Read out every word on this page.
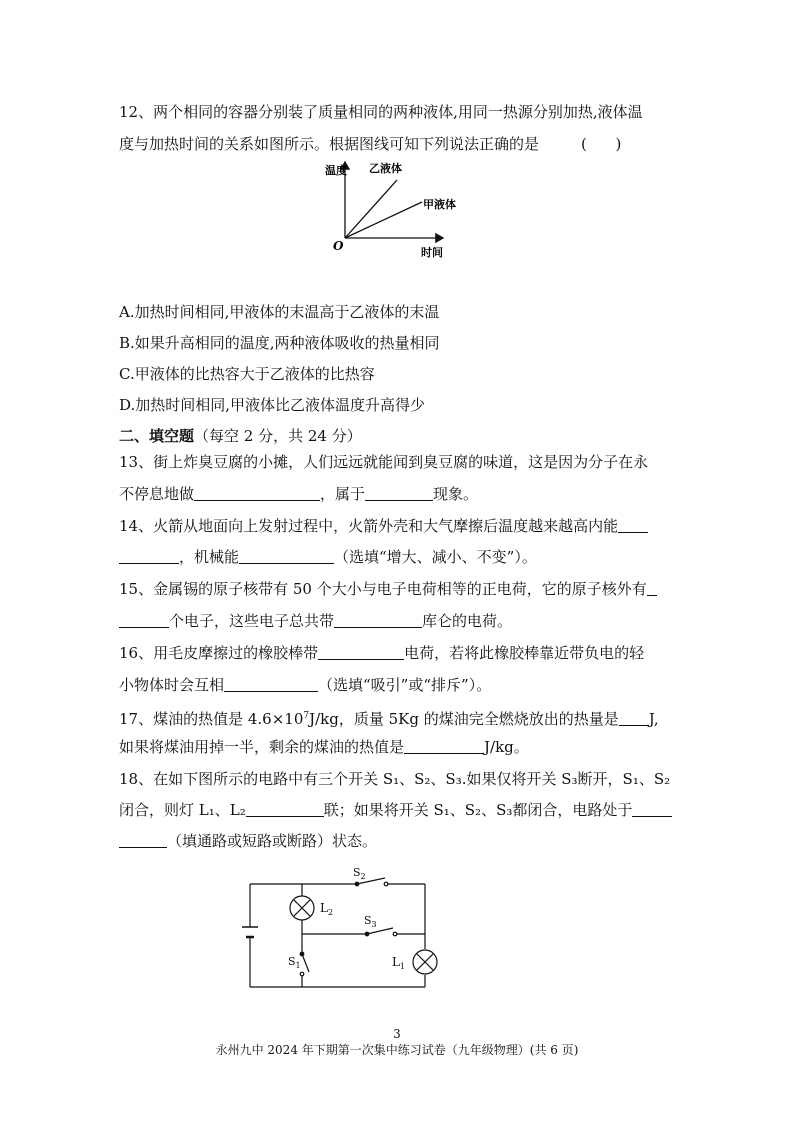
12、两个相同的容器分别装了质量相同的两种液体,用同一热源分别加热,液体温
度与加热时间的关系如图所示。根据图线可知下列说法正确的是	(      )
温度 乙液体
甲液体
O	时间
A.加热时间相同,甲液体的末温高于乙液体的末温
B.如果升高相同的温度,两种液体吸收的热量相同
C.甲液体的比热容大于乙液体的比热容
D.加热时间相同,甲液体比乙液体温度升高得少
二、填空题（每空 2 分，共 24 分）
13、街上炸臭豆腐的小摊，人们远远就能闻到臭豆腐的味道，这是因为分子在永
不停息地做	，属于	现象。
14、火箭从地面向上发射过程中，火箭外壳和大气摩擦后温度越来越高内能
，机械能	（选填“增大、减小、不变”）。
15、金属锡的原子核带有 50 个大小与电子电荷相等的正电荷，它的原子核外有
个电子，这些电子总共带	库仑的电荷。
16、用毛皮摩擦过的橡胶棒带	电荷，若将此橡胶棒靠近带负电的轻
小物体时会互相	（选填“吸引”或“排斥”）。
17、煤油的热值是 $4.6\times 10^7J/kg$，质量 5Kg 的煤油完全燃烧放出的热量是 J,
如果将煤油用掉一半，剩余的煤油的热值是	J/kg。
18、在如下图所示的电路中有三个开关 S₁、S₂、S₃.如果仅将开关 S₃断开，S₁、S₂
闭合，则灯 L₁、L₂	联；如果将开关 S₁、S₂、S₃都闭合，电路处于
（填通路或短路或断路）状态。
$S_2$
$S_3$
$S_1$
$L_2$
$L_1$
3
永州九中 2024 年下期第一次集中练习试卷（九年级物理）(共 6 页)
